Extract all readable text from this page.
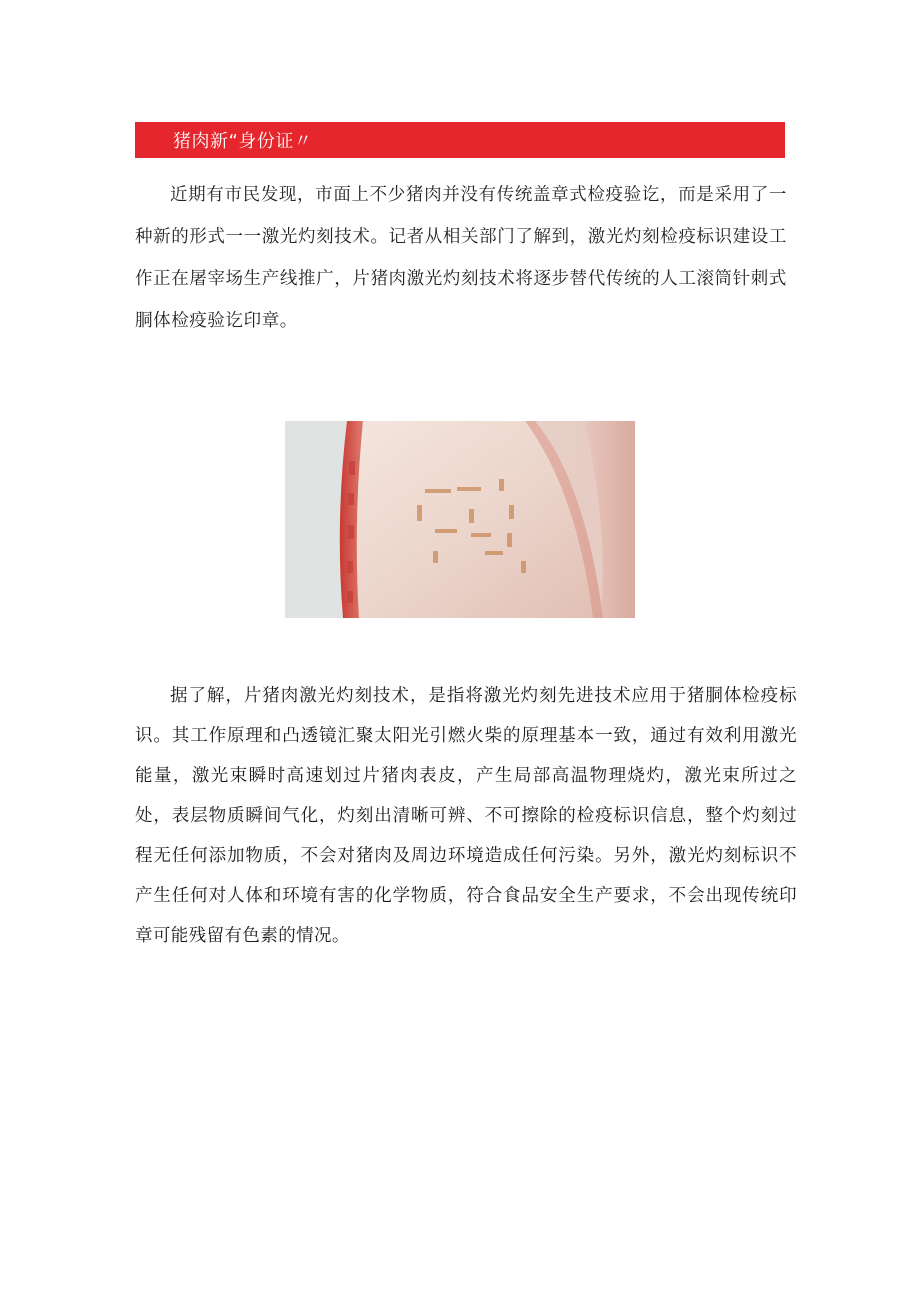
猪肉新“身份证〃

近期有市民发现，市面上不少猪肉并没有传统盖章式检疫验讫，而是采用了一种新的形式一一激光灼刻技术。记者从相关部门了解到，激光灼刻检疫标识建设工作正在屠宰场生产线推广，片猪肉激光灼刻技术将逐步替代传统的人工滚筒针刺式胴体检疫验讫印章。

据了解，片猪肉激光灼刻技术，是指将激光灼刻先进技术应用于猪胴体检疫标识。其工作原理和凸透镜汇聚太阳光引燃火柴的原理基本一致，通过有效利用激光能量，激光束瞬时高速划过片猪肉表皮，产生局部高温物理烧灼，激光束所过之处，表层物质瞬间气化，灼刻出清晰可辨、不可擦除的检疫标识信息，整个灼刻过程无任何添加物质，不会对猪肉及周边环境造成任何污染。另外，激光灼刻标识不产生任何对人体和环境有害的化学物质，符合食品安全生产要求，不会出现传统印章可能残留有色素的情况。
